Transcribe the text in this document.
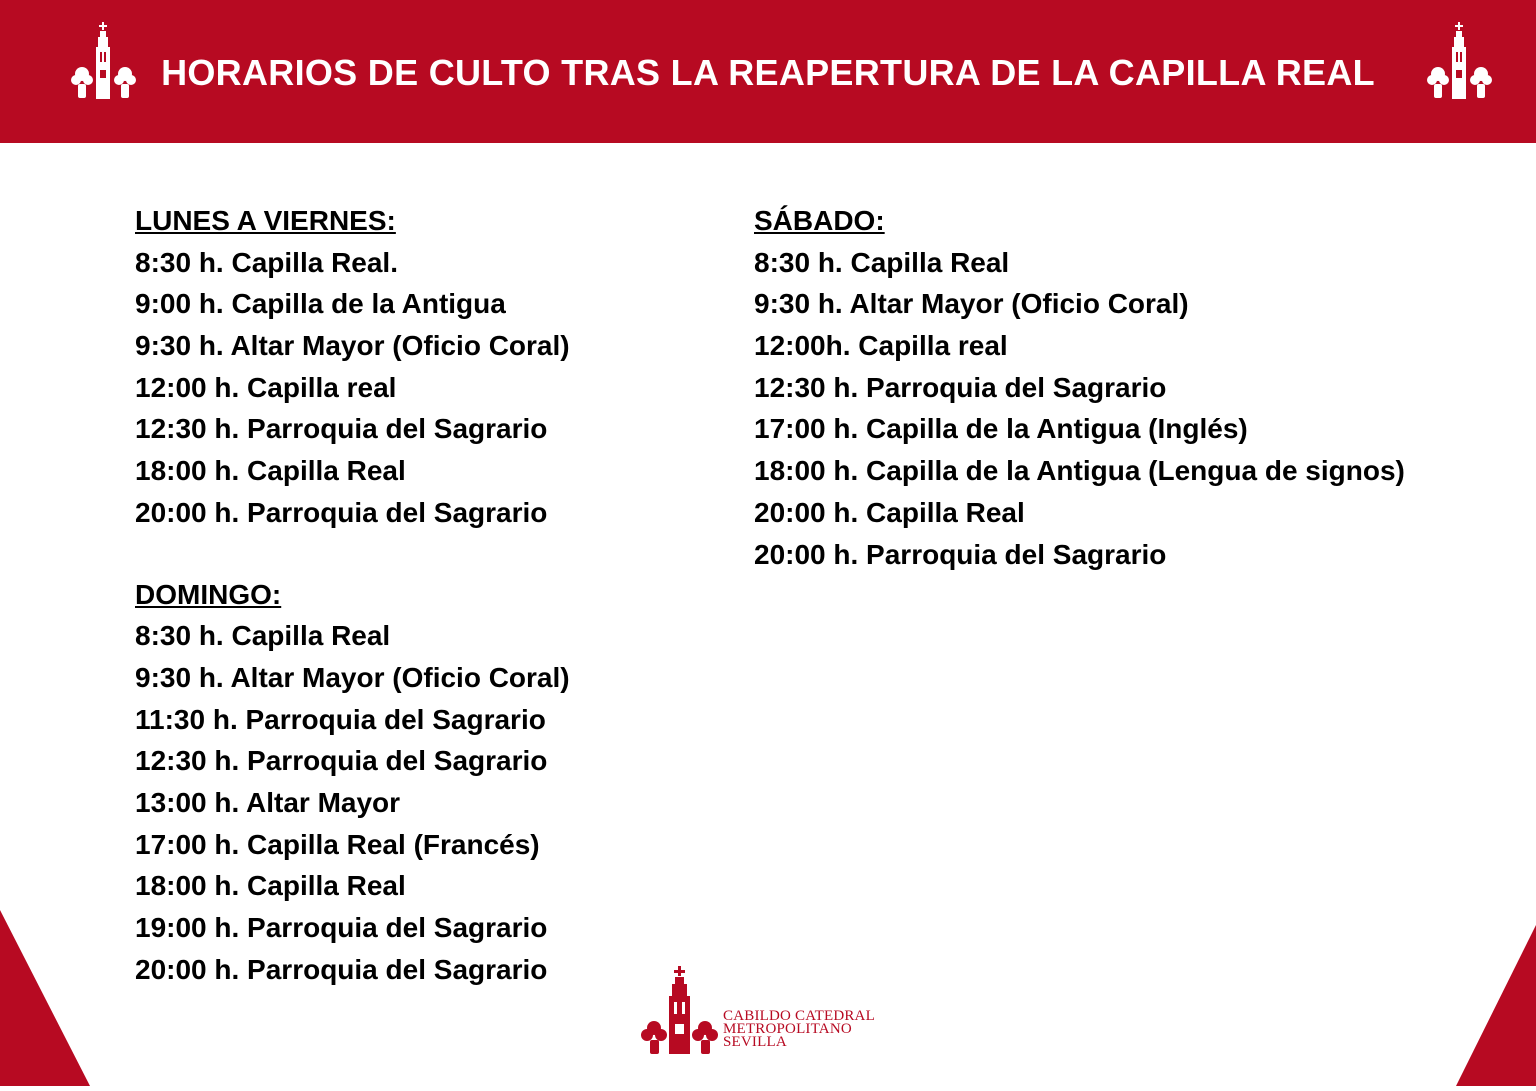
HORARIOS DE CULTO TRAS LA REAPERTURA DE LA CAPILLA REAL
LUNES A VIERNES:
8:30 h. Capilla Real.
9:00 h. Capilla de la Antigua
9:30 h. Altar Mayor (Oficio Coral)
12:00 h. Capilla real
12:30 h. Parroquia del Sagrario
18:00 h. Capilla Real
20:00 h. Parroquia del Sagrario
DOMINGO:
8:30 h. Capilla Real
9:30 h. Altar Mayor (Oficio Coral)
11:30 h. Parroquia del Sagrario
12:30 h. Parroquia del Sagrario
13:00 h. Altar Mayor
17:00 h. Capilla Real (Francés)
18:00 h. Capilla Real
19:00 h. Parroquia del Sagrario
20:00 h. Parroquia del Sagrario
SÁBADO:
8:30 h. Capilla Real
9:30 h. Altar Mayor (Oficio Coral)
12:00h. Capilla real
12:30 h. Parroquia del Sagrario
17:00 h. Capilla de la Antigua (Inglés)
18:00 h. Capilla de la Antigua (Lengua de signos)
20:00 h. Capilla Real
20:00 h. Parroquia del Sagrario
CABILDO CATEDRAL
METROPOLITANO
SEVILLA
